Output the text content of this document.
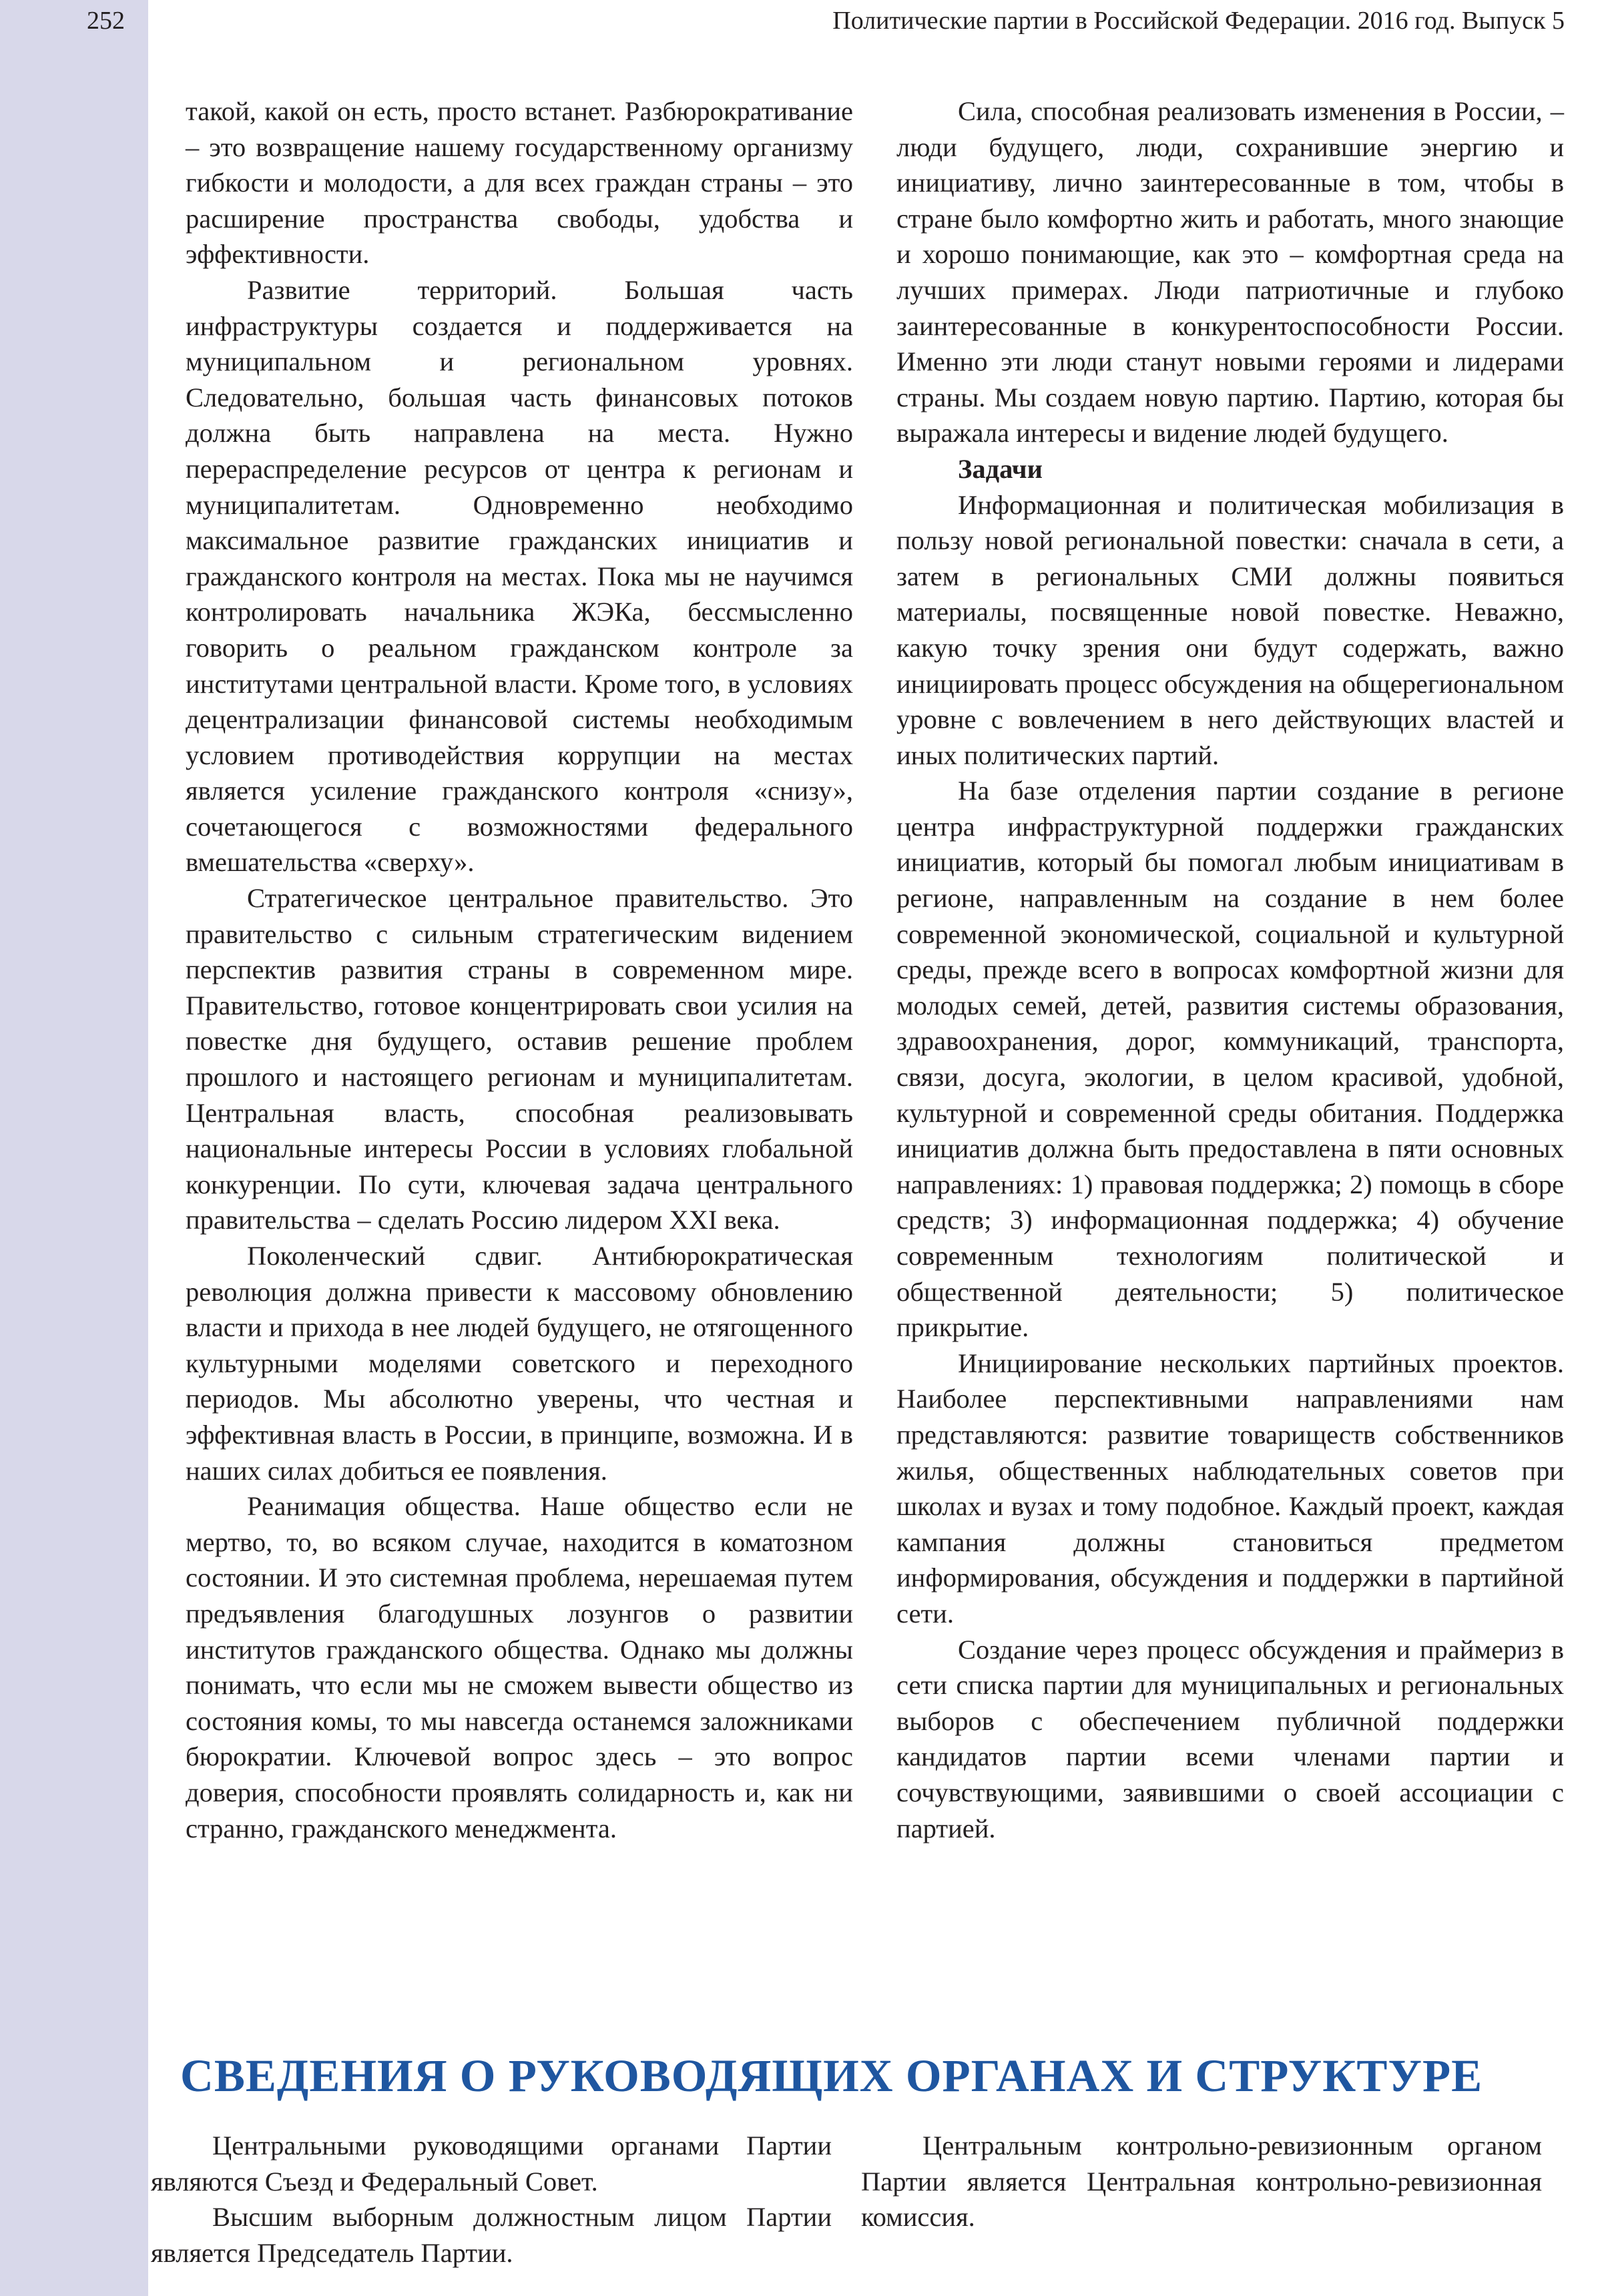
252	Политические партии в Российской Федерации. 2016 год. Выпуск 5

такой, какой он есть, просто встанет. Разбюрокративание – это возвращение нашему государственному организму гибкости и молодости, а для всех граждан страны – это расширение пространства свободы, удобства и эффективности.

Развитие территорий. Большая часть инфраструктуры создается и поддерживается на муниципальном и региональном уровнях. Следовательно, большая часть финансовых потоков должна быть направлена на места. Нужно перераспределение ресурсов от центра к регионам и муниципалитетам. Одновременно необходимо максимальное развитие гражданских инициатив и гражданского контроля на местах. Пока мы не научимся контролировать начальника ЖЭКа, бессмысленно говорить о реальном гражданском контроле за институтами центральной власти. Кроме того, в условиях децентрализации финансовой системы необходимым условием противодействия коррупции на местах является усиление гражданского контроля «снизу», сочетающегося с возможностями федерального вмешательства «сверху».

Стратегическое центральное правительство. Это правительство с сильным стратегическим видением перспектив развития страны в современном мире. Правительство, готовое концентрировать свои усилия на повестке дня будущего, оставив решение проблем прошлого и настоящего регионам и муниципалитетам. Центральная власть, способная реализовывать национальные интересы России в условиях глобальной конкуренции. По сути, ключевая задача центрального правительства – сделать Россию лидером XXI века.

Поколенческий сдвиг. Антибюрократическая революция должна привести к массовому обновлению власти и прихода в нее людей будущего, не отягощенного культурными моделями советского и переходного периодов. Мы абсолютно уверены, что честная и эффективная власть в России, в принципе, возможна. И в наших силах добиться ее появления.

Реанимация общества. Наше общество если не мертво, то, во всяком случае, находится в коматозном состоянии. И это системная проблема, нерешаемая путем предъявления благодушных лозунгов о развитии институтов гражданского общества. Однако мы должны понимать, что если мы не сможем вывести общество из состояния комы, то мы навсегда останемся заложниками бюрократии. Ключевой вопрос здесь – это вопрос доверия, способности проявлять солидарность и, как ни странно, гражданского менеджмента.

Сила, способная реализовать изменения в России, – люди будущего, люди, сохранившие энергию и инициативу, лично заинтересованные в том, чтобы в стране было комфортно жить и работать, много знающие и хорошо понимающие, как это – комфортная среда на лучших примерах. Люди патриотичные и глубоко заинтересованные в конкурентоспособности России. Именно эти люди станут новыми героями и лидерами страны. Мы создаем новую партию. Партию, которая бы выражала интересы и видение людей будущего.

Задачи

Информационная и политическая мобилизация в пользу новой региональной повестки: сначала в сети, а затем в региональных СМИ должны появиться материалы, посвященные новой повестке. Неважно, какую точку зрения они будут содержать, важно инициировать процесс обсуждения на общерегиональном уровне с вовлечением в него действующих властей и иных политических партий.

На базе отделения партии создание в регионе центра инфраструктурной поддержки гражданских инициатив, который бы помогал любым инициативам в регионе, направленным на создание в нем более современной экономической, социальной и культурной среды, прежде всего в вопросах комфортной жизни для молодых семей, детей, развития системы образования, здравоохранения, дорог, коммуникаций, транспорта, связи, досуга, экологии, в целом красивой, удобной, культурной и современной среды обитания. Поддержка инициатив должна быть предоставлена в пяти основных направлениях: 1) правовая поддержка; 2) помощь в сборе средств; 3) информационная поддержка; 4) обучение современным технологиям политической и общественной деятельности; 5) политическое прикрытие.

Инициирование нескольких партийных проектов. Наиболее перспективными направлениями нам представляются: развитие товариществ собственников жилья, общественных наблюдательных советов при школах и вузах и тому подобное. Каждый проект, каждая кампания должны становиться предметом информирования, обсуждения и поддержки в партийной сети.

Создание через процесс обсуждения и праймериз в сети списка партии для муниципальных и региональных выборов с обеспечением публичной поддержки кандидатов партии всеми членами партии и сочувствующими, заявившими о своей ассоциации с партией.

СВЕДЕНИЯ О РУКОВОДЯЩИХ ОРГАНАХ И СТРУКТУРЕ

Центральными руководящими органами Партии являются Съезд и Федеральный Совет.

Высшим выборным должностным лицом Партии является Председатель Партии.

Центральным контрольно-ревизионным органом Партии является Центральная контрольно-ревизионная комиссия.
